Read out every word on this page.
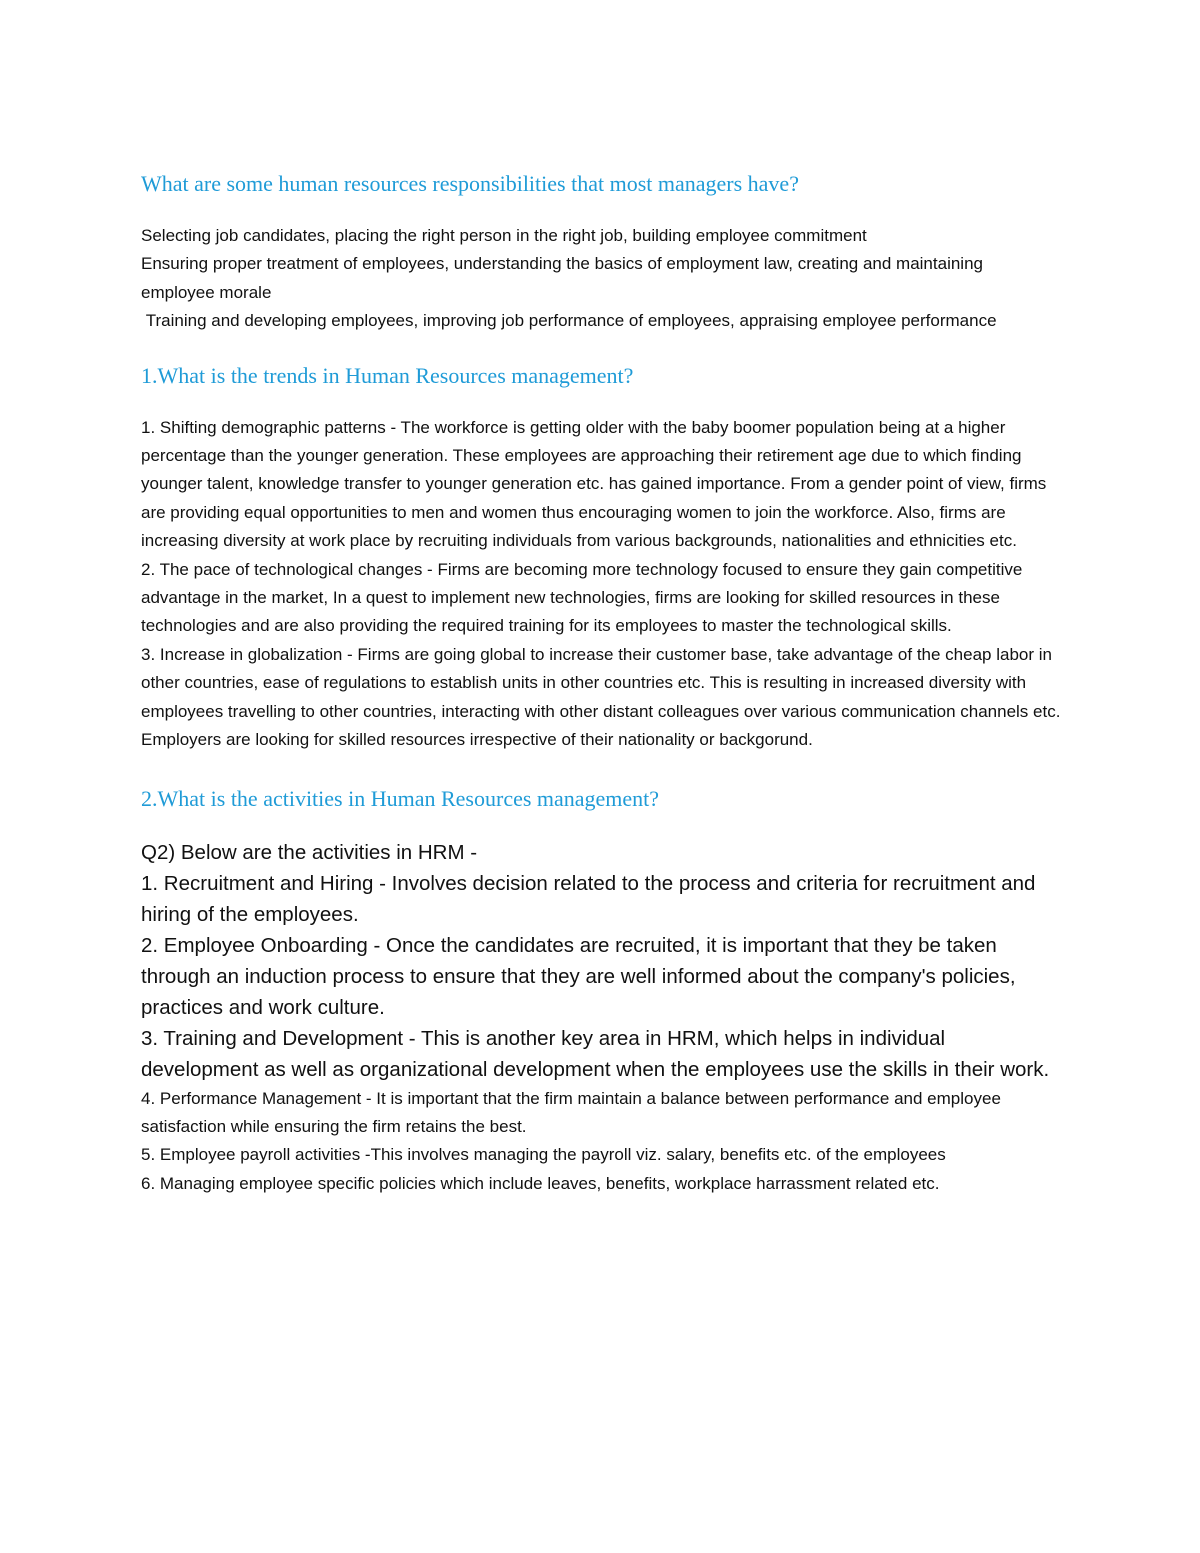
What are some human resources responsibilities that most managers have?

Selecting job candidates, placing the right person in the right job, building employee commitment

Ensuring proper treatment of employees, understanding the basics of employment law, creating and maintaining employee morale

Training and developing employees, improving job performance of employees, appraising employee performance

1.What is the trends in Human Resources management?

1. Shifting demographic patterns - The workforce is getting older with the baby boomer population being at a higher percentage than the younger generation. These employees are approaching their retirement age due to which finding younger talent, knowledge transfer to younger generation etc. has gained importance. From a gender point of view, firms are providing equal opportunities to men and women thus encouraging women to join the workforce. Also, firms are increasing diversity at work place by recruiting individuals from various backgrounds, nationalities and ethnicities etc.

2. The pace of technological changes - Firms are becoming more technology focused to ensure they gain competitive advantage in the market, In a quest to implement new technologies, firms are looking for skilled resources in these technologies and are also providing the required training for its employees to master the technological skills.

3. Increase in globalization - Firms are going global to increase their customer base, take advantage of the cheap labor in other countries, ease of regulations to establish units in other countries etc. This is resulting in increased diversity with employees travelling to other countries, interacting with other distant colleagues over various communication channels etc. Employers are looking for skilled resources irrespective of their nationality or backgorund.

2.What is the activities in Human Resources management?

Q2) Below are the activities in HRM -

1. Recruitment and Hiring - Involves decision related to the process and criteria for recruitment and hiring of the employees.

2. Employee Onboarding - Once the candidates are recruited, it is important that they be taken through an induction process to ensure that they are well informed about the company's policies, practices and work culture.

3. Training and Development - This is another key area in HRM, which helps in individual development as well as organizational development when the employees use the skills in their work.

4. Performance Management - It is important that the firm maintain a balance between performance and employee satisfaction while ensuring the firm retains the best.

5. Employee payroll activities -This involves managing the payroll viz. salary, benefits etc. of the employees

6. Managing employee specific policies which include leaves, benefits, workplace harrassment related etc.
